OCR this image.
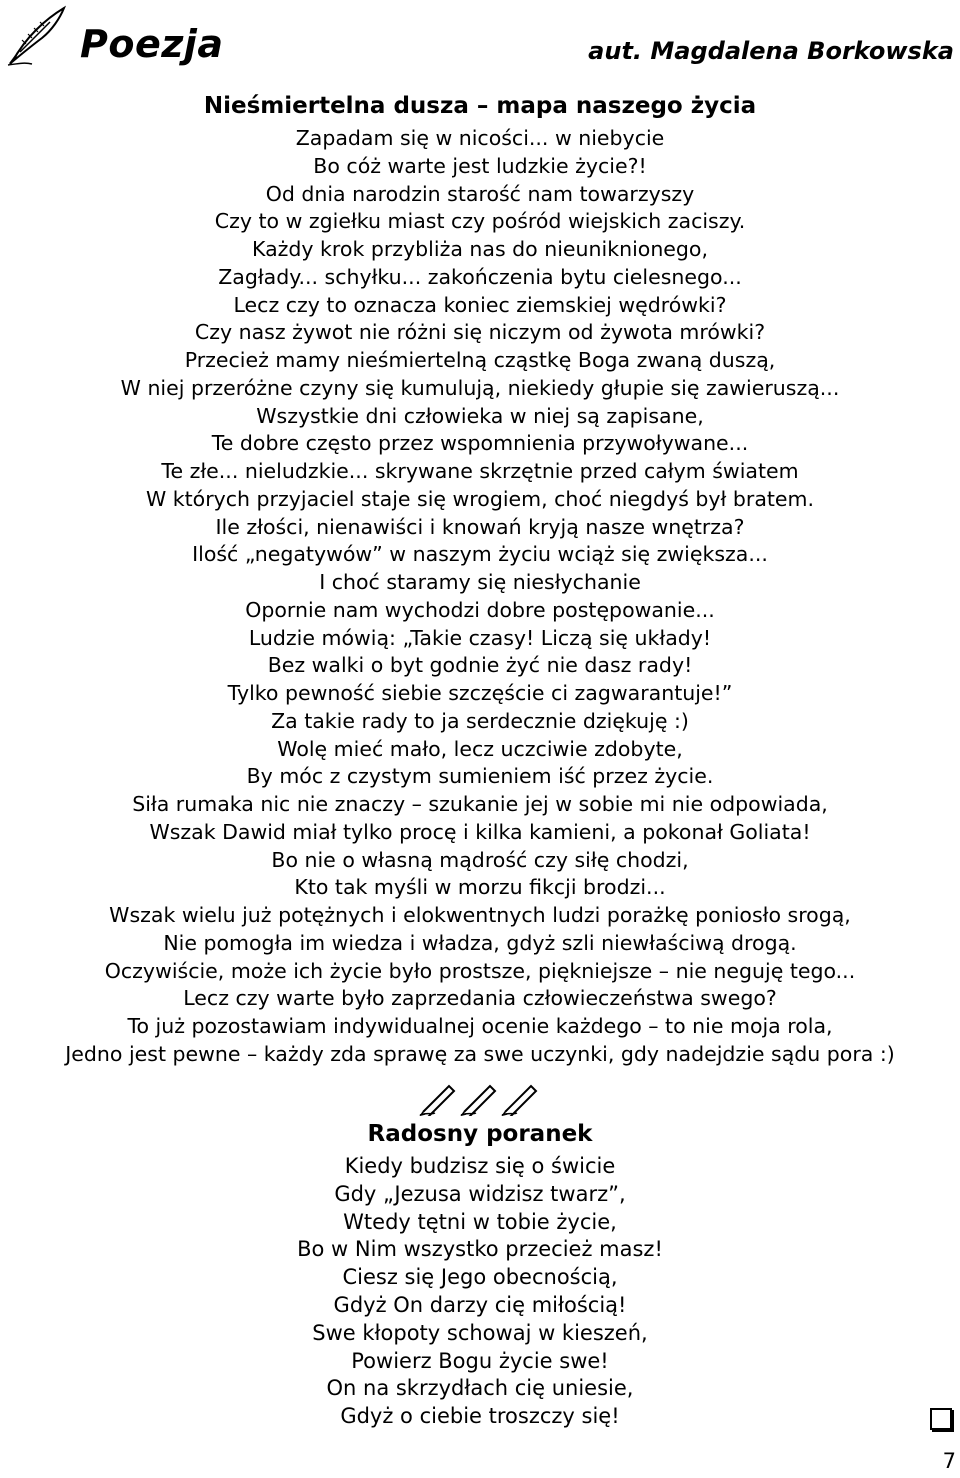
Poezja	aut. Magdalena Borkowska
Nieśmiertelna dusza – mapa naszego życia
Zapadam się w nicości... w niebycie
Bo cóż warte jest ludzkie życie?!
Od dnia narodzin starość nam towarzyszy
Czy to w zgiełku miast czy pośród wiejskich zaciszy.
Każdy krok przybliża nas do nieuniknionego,
Zagłady... schyłku... zakończenia bytu cielesnego...
Lecz czy to oznacza koniec ziemskiej wędrówki?
Czy nasz żywot nie różni się niczym od żywota mrówki?
Przecież mamy nieśmiertelną cząstkę Boga zwaną duszą,
W niej przeróżne czyny się kumulują, niekiedy głupie się zawieruszą...
Wszystkie dni człowieka w niej są zapisane,
Te dobre często przez wspomnienia przywoływane...
Te złe... nieludzkie... skrywane skrzętnie przed całym światem
W których przyjaciel staje się wrogiem, choć niegdyś był bratem.
Ile złości, nienawiści i knowań kryją nasze wnętrza?
Ilość „negatywów” w naszym życiu wciąż się zwiększa...
I choć staramy się niesłychanie
Opornie nam wychodzi dobre postępowanie...
Ludzie mówią: „Takie czasy! Liczą się układy!
Bez walki o byt godnie żyć nie dasz rady!
Tylko pewność siebie szczęście ci zagwarantuje!”
Za takie rady to ja serdecznie dziękuję :)
Wolę mieć mało, lecz uczciwie zdobyte,
By móc z czystym sumieniem iść przez życie.
Siła rumaka nic nie znaczy – szukanie jej w sobie mi nie odpowiada,
Wszak Dawid miał tylko procę i kilka kamieni, a pokonał Goliata!
Bo nie o własną mądrość czy siłę chodzi,
Kto tak myśli w morzu fikcji brodzi...
Wszak wielu już potężnych i elokwentnych ludzi porażkę poniosło srogą,
Nie pomogła im wiedza i władza, gdyż szli niewłaściwą drogą.
Oczywiście, może ich życie było prostsze, piękniejsze – nie neguję tego...
Lecz czy warte było zaprzedania człowieczeństwa swego?
To już pozostawiam indywidualnej ocenie każdego – to nie moja rola,
Jedno jest pewne – każdy zda sprawę za swe uczynki, gdy nadejdzie sądu pora :)

Radosny poranek
Kiedy budzisz się o świcie
Gdy „Jezusa widzisz twarz”,
Wtedy tętni w tobie życie,
Bo w Nim wszystko przecież masz!
Ciesz się Jego obecnością,
Gdyż On darzy cię miłością!
Swe kłopoty schowaj w kieszeń,
Powierz Bogu życie swe!
On na skrzydłach cię uniesie,
Gdyż o ciebie troszczy się!
7
